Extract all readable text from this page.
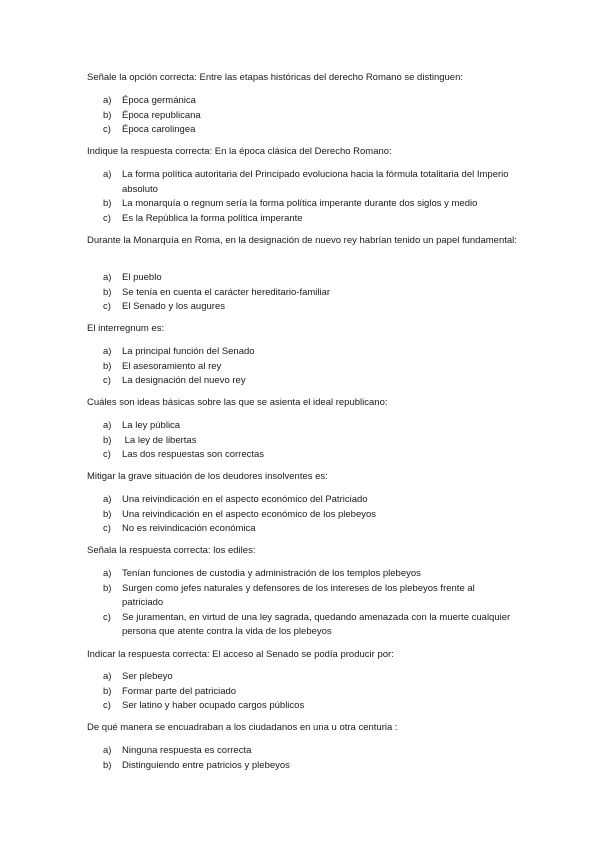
Señale la opción correcta: Entre las etapas históricas del derecho Romano se distinguen:

a)	Época germánica
b)	Época republicana
c)	Época carolingea

Indique la respuesta correcta: En la época clásica del Derecho Romano:

a)	La forma política autoritaria del Principado evoluciona hacia la fórmula totalitaria del Imperio absoluto
b)	La monarquía o regnum sería la forma política imperante durante dos siglos y medio
c)	Es la República la forma política imperante

Durante la Monarquía en Roma, en la designación de nuevo rey habrían tenido un papel fundamental:

a)	El pueblo
b)	Se tenía en cuenta el carácter hereditario-familiar
c)	El Senado y los augures

El interregnum es:

a)	La principal función del Senado
b)	El asesoramiento al rey
c)	La designación del nuevo rey

Cuáles son ideas básicas sobre las que se asienta el ideal republicano:

a)	La ley pública
b)	La ley de libertas
c)	Las dos respuestas son correctas

Mitigar la grave situación de los deudores insolventes es:

a)	Una reivindicación en el aspecto económico del Patriciado
b)	Una reivindicación en el aspecto económico de los plebeyos
c)	No es reivindicación económica

Señala la respuesta correcta: los ediles:

a)	Tenían funciones de custodia y administración de los templos plebeyos
b)	Surgen como jefes naturales y defensores de los intereses de los plebeyos frente al patriciado
c)	Se juramentan, en virtud de una ley sagrada, quedando amenazada con la muerte cualquier persona que atente contra la vida de los plebeyos

Indicar la respuesta correcta: El acceso al Senado se podía producir por:

a)	Ser plebeyo
b)	Formar parte del patriciado
c)	Ser latino y haber ocupado cargos públicos

De qué manera se encuadraban a los ciudadanos en una u otra centuria :

a)	Ninguna respuesta es correcta
b)	Distinguiendo entre patricios y plebeyos
